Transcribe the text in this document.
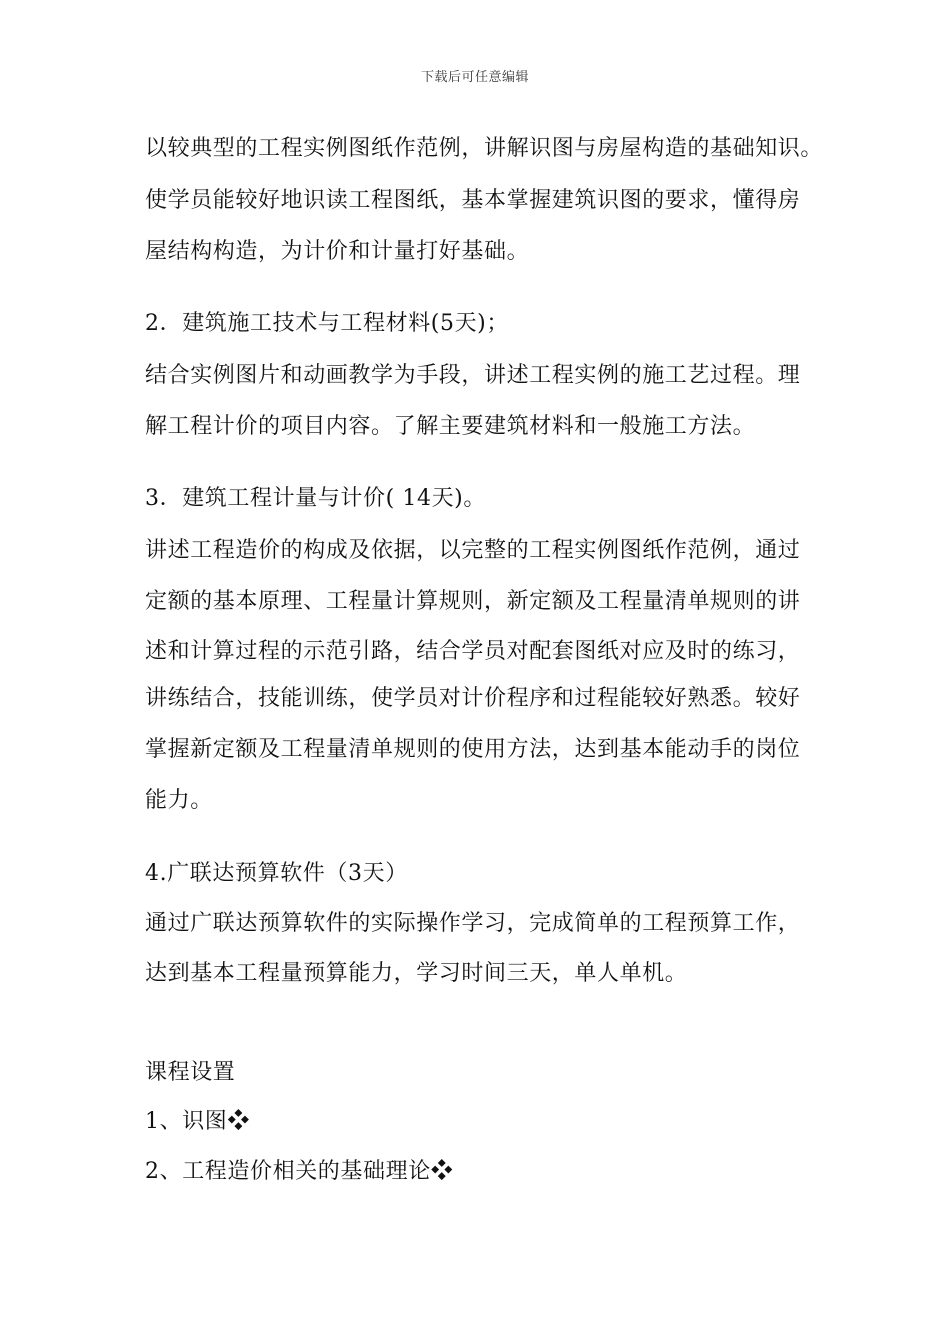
下载后可任意编辑
以较典型的工程实例图纸作范例，讲解识图与房屋构造的基础知识。
使学员能较好地识读工程图纸，基本掌握建筑识图的要求，懂得房
屋结构构造，为计价和计量打好基础。
2．建筑施工技术与工程材料(5天)；
结合实例图片和动画教学为手段，讲述工程实例的施工艺过程。理
解工程计价的项目内容。了解主要建筑材料和一般施工方法。
3．建筑工程计量与计价( 14天)。
讲述工程造价的构成及依据，以完整的工程实例图纸作范例，通过
定额的基本原理、工程量计算规则，新定额及工程量清单规则的讲
述和计算过程的示范引路，结合学员对配套图纸对应及时的练习，
讲练结合，技能训练，使学员对计价程序和过程能较好熟悉。较好
掌握新定额及工程量清单规则的使用方法，达到基本能动手的岗位
能力。
4.广联达预算软件（3天）
通过广联达预算软件的实际操作学习，完成简单的工程预算工作，
达到基本工程量预算能力，学习时间三天，单人单机。
课程设置
1、识图❖
2、工程造价相关的基础理论❖
